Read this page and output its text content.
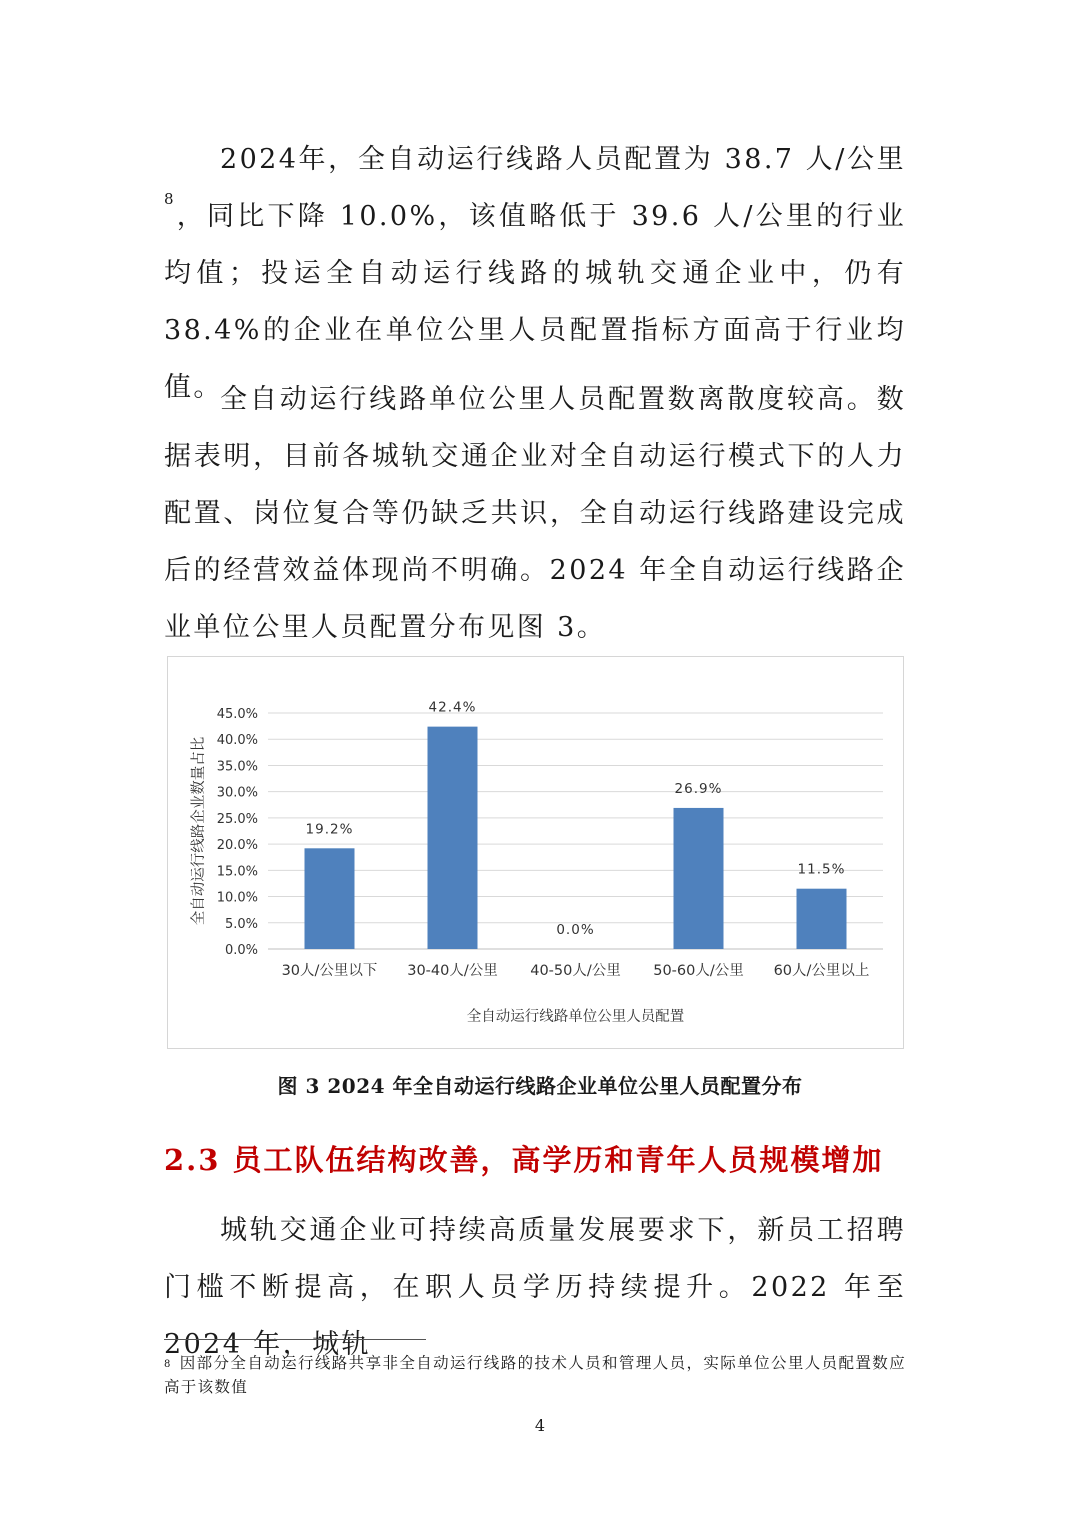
2024年，全自动运行线路人员配置为 38.7 人/公里$^8$，同比下降 10.0%，该值略低于 39.6 人/公里的行业均值；投运全自动运行线路的城轨交通企业中，仍有 38.4%的企业在单位公里人员配置指标方面高于行业均值。

全自动运行线路单位公里人员配置数离散度较高。数据表明，目前各城轨交通企业对全自动运行模式下的人力配置、岗位复合等仍缺乏共识，全自动运行线路建设完成后的经营效益体现尚不明确。2024 年全自动运行线路企业单位公里人员配置分布见图 3。

0.0%
5.0%
10.0%
15.0%
20.0%
25.0%
30.0%
35.0%
40.0%
45.0%
19.2%
30人/公里以下
42.4%
30-40人/公里
0.0%
40-50人/公里
26.9%
50-60人/公里
11.5%
60人/公里以上
全自动运行线路单位公里人员配置
全自动运行线路企业数量占比
图 3 2024 年全自动运行线路企业单位公里人员配置分布
2.3 员工队伍结构改善，高学历和青年人员规模增加

城轨交通企业可持续高质量发展要求下，新员工招聘门槛不断提高，在职人员学历持续提升。2022 年至 2024 年，城轨

$^8$ 因部分全自动运行线路共享非全自动运行线路的技术人员和管理人员，实际单位公里人员配置数应高于该数值
4
